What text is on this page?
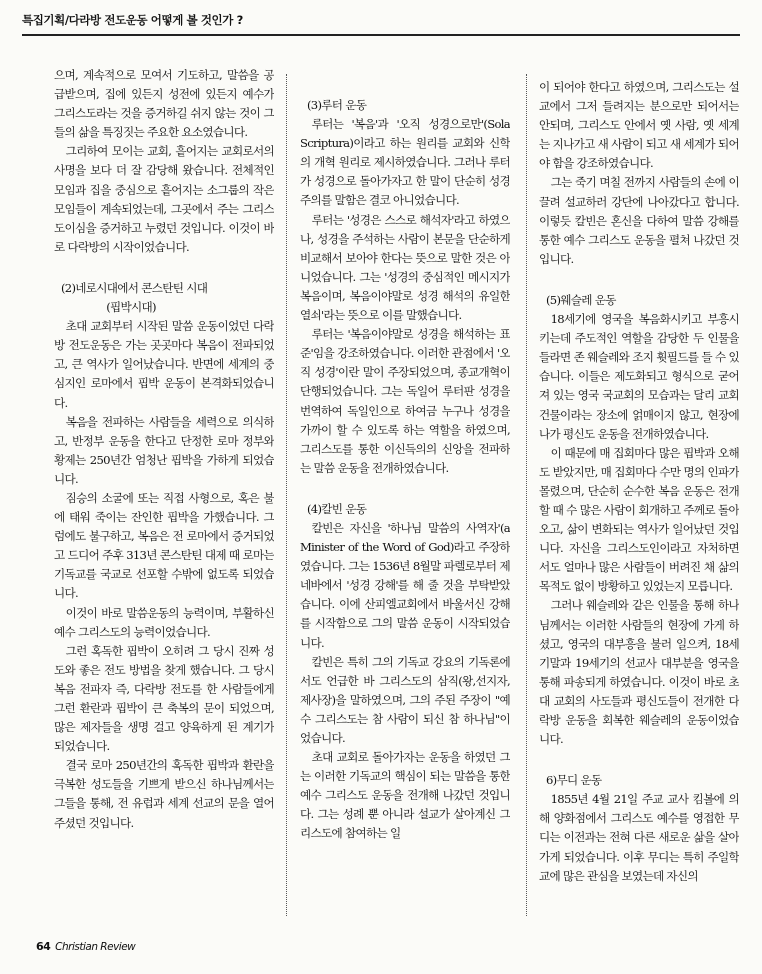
특집기획/다라방 전도운동 어떻게 볼 것인가 ?

으며, 계속적으로 모여서 기도하고, 말씀을 공급받으며, 집에 있든지 성전에 있든지 예수가 그리스도라는 것을 증거하길 쉬지 않는 것이 그들의 삶을 특징짓는 주요한 요소였습니다.

그리하여 모이는 교회, 흩어지는 교회로서의 사명을 보다 더 잘 감당해 왔습니다. 전체적인 모임과 집을 중심으로 흩어지는 소그룹의 작은 모임들이 계속되었는데, 그곳에서 주는 그리스도이심을 증거하고 누렸던 것입니다. 이것이 바로 다락방의 시작이었습니다.

(2)네로시대에서 콘스탄틴 시대
(핍박시대)

초대 교회부터 시작된 말씀 운동이었던 다락방 전도운동은 가는 곳곳마다 복음이 전파되었고, 큰 역사가 일어났습니다. 반면에 세계의 중심지인 로마에서 핍박 운동이 본격화되었습니다.

복음을 전파하는 사람들을 세력으로 의식하고, 반정부 운동을 한다고 단정한 로마 정부와 황제는 250년간 엄청난 핍박을 가하게 되었습니다.

짐승의 소굴에 또는 직접 사형으로, 혹은 불에 태워 죽이는 잔인한 핍박을 가했습니다. 그럼에도 불구하고, 복음은 전 로마에서 증거되었고 드디어 주후 313년 콘스탄틴 대제 때 로마는 기독교를 국교로 선포할 수밖에 없도록 되었습니다.

이것이 바로 말씀운동의 능력이며, 부활하신 예수 그리스도의 능력이었습니다.

그런 혹독한 핍박이 오히려 그 당시 진짜 성도와 좋은 전도 방법을 찾게 했습니다. 그 당시 복음 전파자 즉, 다락방 전도를 한 사람들에게 그런 환란과 핍박이 큰 축복의 문이 되었으며, 많은 제자들을 생명 걸고 양육하게 된 계기가 되었습니다.

결국 로마 250년간의 혹독한 핍박과 환란을 극복한 성도들을 기쁘게 받으신 하나님께서는 그들을 통해, 전 유럽과 세계 선교의 문을 열어주셨던 것입니다.

(3)루터 운동

루터는 '복음'과 '오직 성경으로만'(Sola Scriptura)이라고 하는 원리를 교회와 신학의 개혁 원리로 제시하였습니다. 그러나 루터가 성경으로 돌아가자고 한 말이 단순히 성경주의를 말함은 결코 아니었습니다.

루터는 '성경은 스스로 해석자'라고 하였으나, 성경을 주석하는 사람이 본문을 단순하게 비교해서 보아야 한다는 뜻으로 말한 것은 아니었습니다. 그는 '성경의 중심적인 메시지가 복음이며, 복음이야말로 성경 해석의 유일한 열쇠'라는 뜻으로 이를 말했습니다.

루터는 '복음이야말로 성경을 해석하는 표준'임을 강조하였습니다. 이러한 관점에서 '오직 성경'이란 말이 주장되었으며, 종교개혁이 단행되었습니다. 그는 독일어 루터판 성경을 번역하여 독일인으로 하여금 누구나 성경을 가까이 할 수 있도록 하는 역할을 하였으며, 그리스도를 통한 이신득의의 신앙을 전파하는 말씀 운동을 전개하였습니다.

(4)칼빈 운동

칼빈은 자신을 '하나님 말씀의 사역자'(a Minister of the Word of God)라고 주장하였습니다. 그는 1536년 8월말 파렐로부터 제네바에서 '성경 강해'를 해 줄 것을 부탁받았습니다. 이에 산피엘교회에서 바울서신 강해를 시작함으로 그의 말씀 운동이 시작되었습니다.

칼빈은 특히 그의 기독교 강요의 기독론에서도 언급한 바 그리스도의 삼직(왕,선지자,제사장)을 말하였으며, 그의 주된 주장이 "예수 그리스도는 참 사람이 되신 참 하나님"이었습니다.

초대 교회로 돌아가자는 운동을 하였던 그는 이러한 기독교의 핵심이 되는 말씀을 통한 예수 그리스도 운동을 전개해 나갔던 것입니다. 그는 성례 뿐 아니라 설교가 살아계신 그리스도에 참여하는 일

이 되어야 한다고 하였으며, 그리스도는 설교에서 그저 들려지는 분으로만 되어서는 안되며, 그리스도 안에서 옛 사람, 옛 세계는 지나가고 새 사람이 되고 새 세계가 되어야 함을 강조하였습니다.

그는 죽기 며칠 전까지 사람들의 손에 이끌려 설교하러 강단에 나아갔다고 합니다. 이렇듯 칼빈은 혼신을 다하여 말씀 강해를 통한 예수 그리스도 운동을 펼쳐 나갔던 것입니다.

(5)웨슬레 운동

18세기에 영국을 복음화시키고 부흥시키는데 주도적인 역할을 감당한 두 인물을 들라면 존 웨슬레와 조지 휫필드를 들 수 있습니다. 이들은 제도화되고 형식으로 굳어져 있는 영국 국교회의 모습과는 달리 교회 건물이라는 장소에 얽매이지 않고, 현장에 나가 평신도 운동을 전개하였습니다.

이 때문에 매 집회마다 많은 핍박과 오해도 받았지만, 매 집회마다 수만 명의 인파가 몰렸으며, 단순히 순수한 복음 운동은 전개할 때 수 많은 사람이 회개하고 주께로 돌아오고, 삶이 변화되는 역사가 일어났던 것입니다. 자신을 그리스도인이라고 자처하면서도 얼마나 많은 사람들이 버려진 채 삶의 목적도 없이 방황하고 있었는지 모릅니다.

그러나 웨슬레와 같은 인물을 통해 하나님께서는 이러한 사람들의 현장에 가게 하셨고, 영국의 대부흥을 불러 일으켜, 18세기말과 19세기의 선교사 대부분을 영국을 통해 파송되게 하였습니다. 이것이 바로 초대 교회의 사도들과 평신도들이 전개한 다락방 운동을 회복한 웨슬레의 운동이었습니다.

6)무디 운동

1855년 4월 21일 주교 교사 킴볼에 의해 양화점에서 그리스도 예수를 영접한 무디는 이전과는 전혀 다른 새로운 삶을 살아가게 되었습니다. 이후 무디는 특히 주일학교에 많은 관심을 보였는데 자신의

64 Christian Review
